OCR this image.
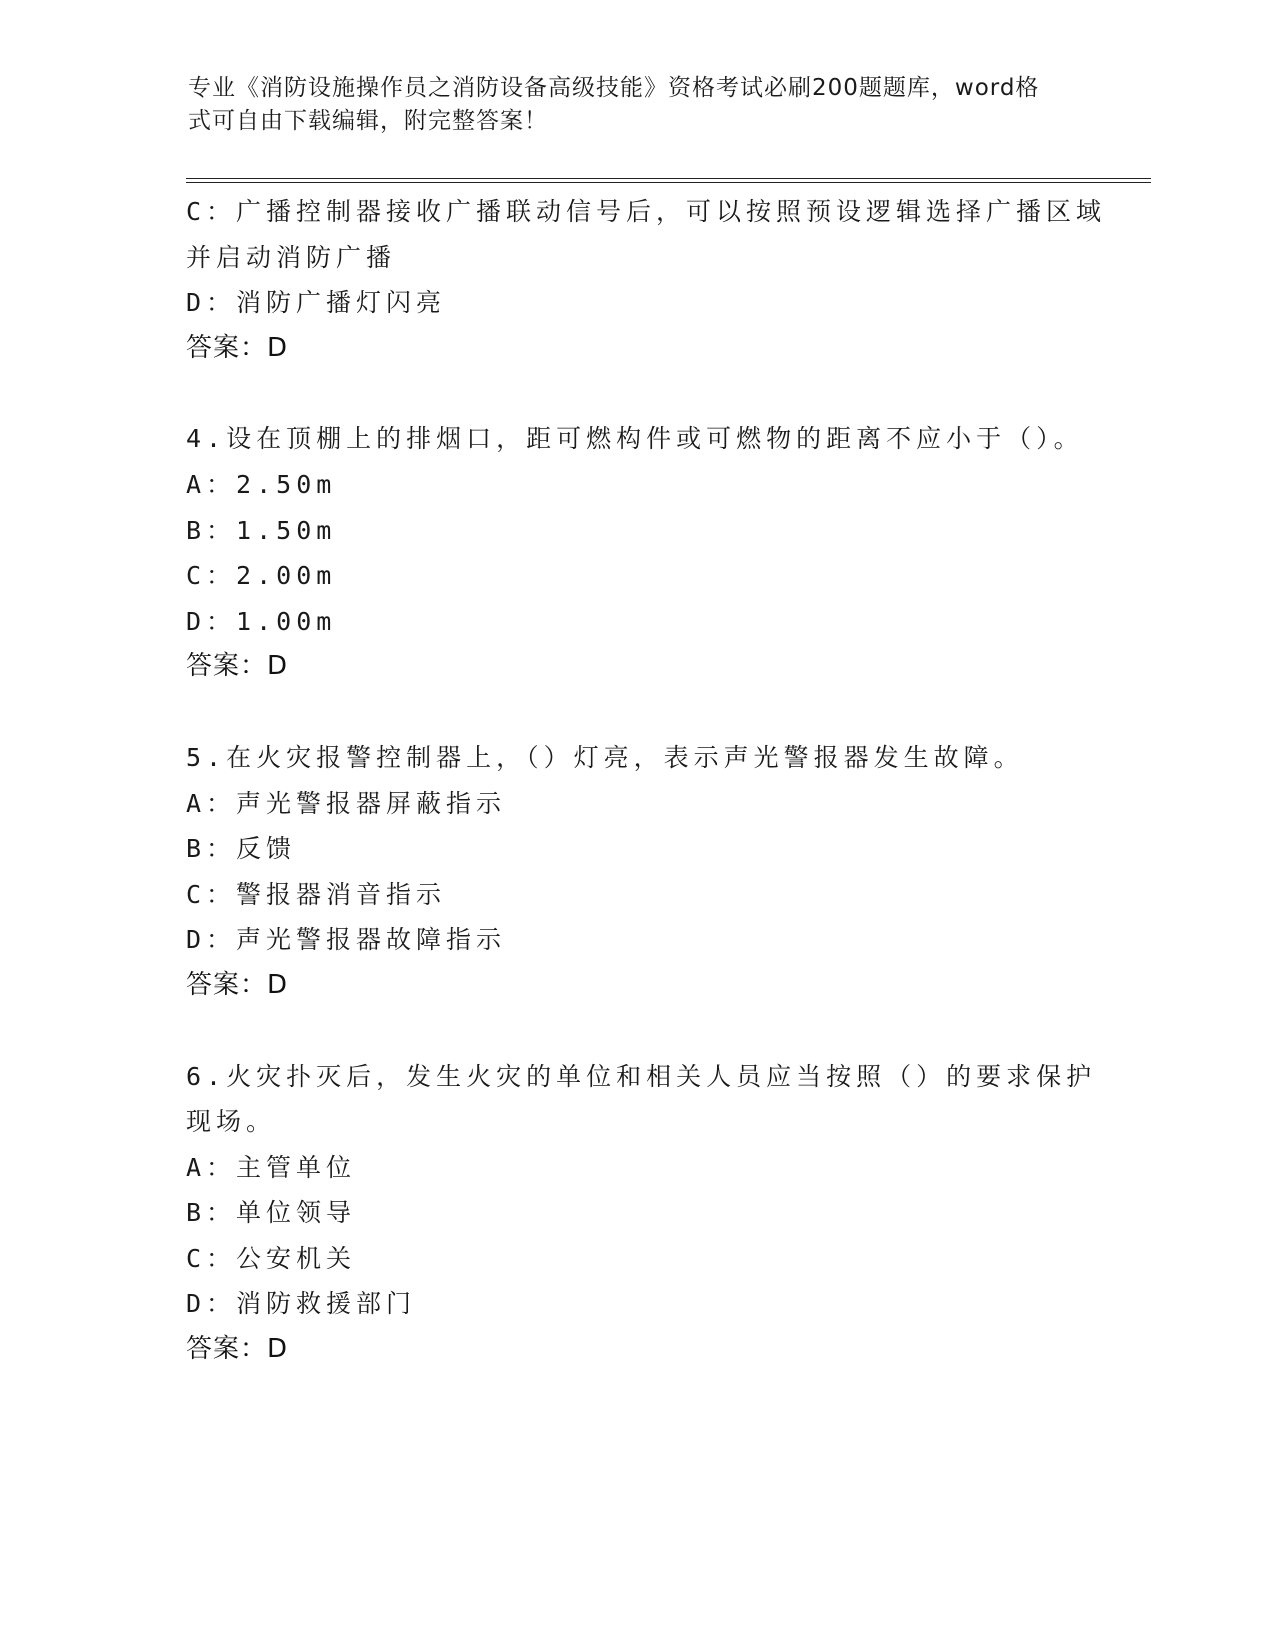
专业《消防设施操作员之消防设备高级技能》资格考试必刷200题题库，word格
式可自由下载编辑，附完整答案！
C：广播控制器接收广播联动信号后，可以按照预设逻辑选择广播区域
并启动消防广播
D：消防广播灯闪亮
答案：D
4.设在顶棚上的排烟口，距可燃构件或可燃物的距离不应小于（）。
A：2.50m
B：1.50m
C：2.00m
D：1.00m
答案：D
5.在火灾报警控制器上，（）灯亮，表示声光警报器发生故障。
A：声光警报器屏蔽指示
B：反馈
C：警报器消音指示
D：声光警报器故障指示
答案：D
6.火灾扑灭后，发生火灾的单位和相关人员应当按照（）的要求保护
现场。
A：主管单位
B：单位领导
C：公安机关
D：消防救援部门
答案：D
